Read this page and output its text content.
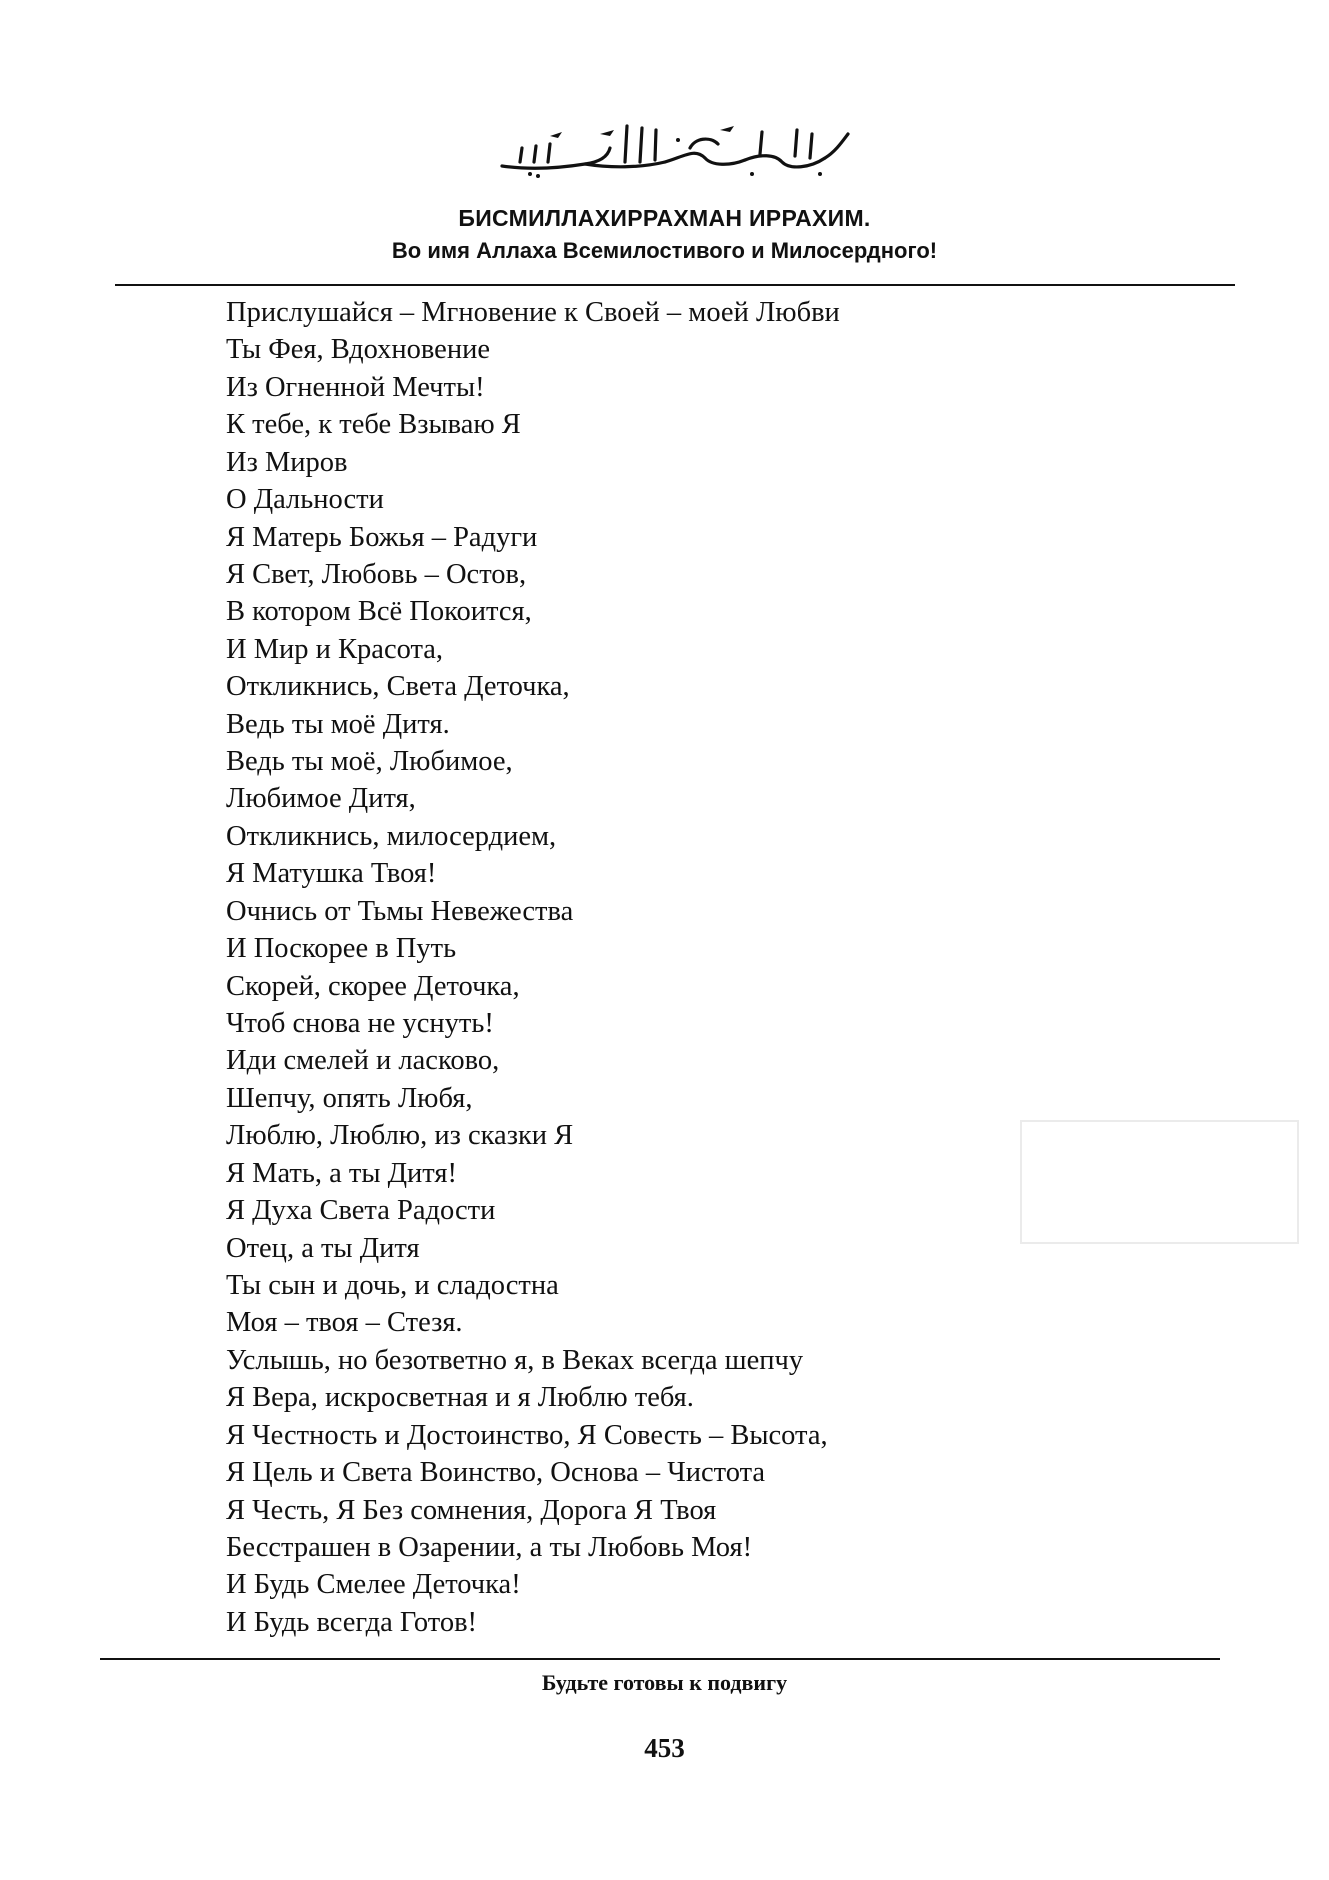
بِسْمِ ٱللَّٰهِ ٱلرَّحْمَٰنِ ٱلرَّحِيمِ
БИСМИЛЛАХИРРАХМАН ИРРАХИМ.
Во имя Аллаха Всемилостивого и Милосердного!
Прислушайся – Мгновение к Своей – моей Любви
Ты Фея, Вдохновение
Из Огненной Мечты!
К тебе, к тебе Взываю Я
Из Миров
О Дальности
Я Матерь Божья – Радуги
Я Свет, Любовь – Остов,
В котором Всё Покоится,
И Мир и Красота,
Откликнись, Света Деточка,
Ведь ты моё Дитя.
Ведь ты моё, Любимое,
Любимое Дитя,
Откликнись, милосердием,
Я Матушка Твоя!
Очнись от Тьмы Невежества
И Поскорее в Путь
Скорей, скорее Деточка,
Чтоб снова не уснуть!
Иди смелей и ласково,
Шепчу, опять Любя,
Люблю, Люблю, из сказки Я
Я Мать, а ты Дитя!
Я Духа Света Радости
Отец, а ты Дитя
Ты сын и дочь, и сладостна
Моя – твоя – Стезя.
Услышь, но безответно я, в Веках всегда шепчу
Я Вера, искросветная и я Люблю тебя.
Я Честность и Достоинство, Я Совесть – Высота,
Я Цель и Света Воинство, Основа – Чистота
Я Честь, Я Без сомнения, Дорога Я Твоя
Бесстрашен в Озарении, а ты Любовь Моя!
И Будь Смелее Деточка!
И Будь всегда Готов!
Будьте готовы к подвигу
453
